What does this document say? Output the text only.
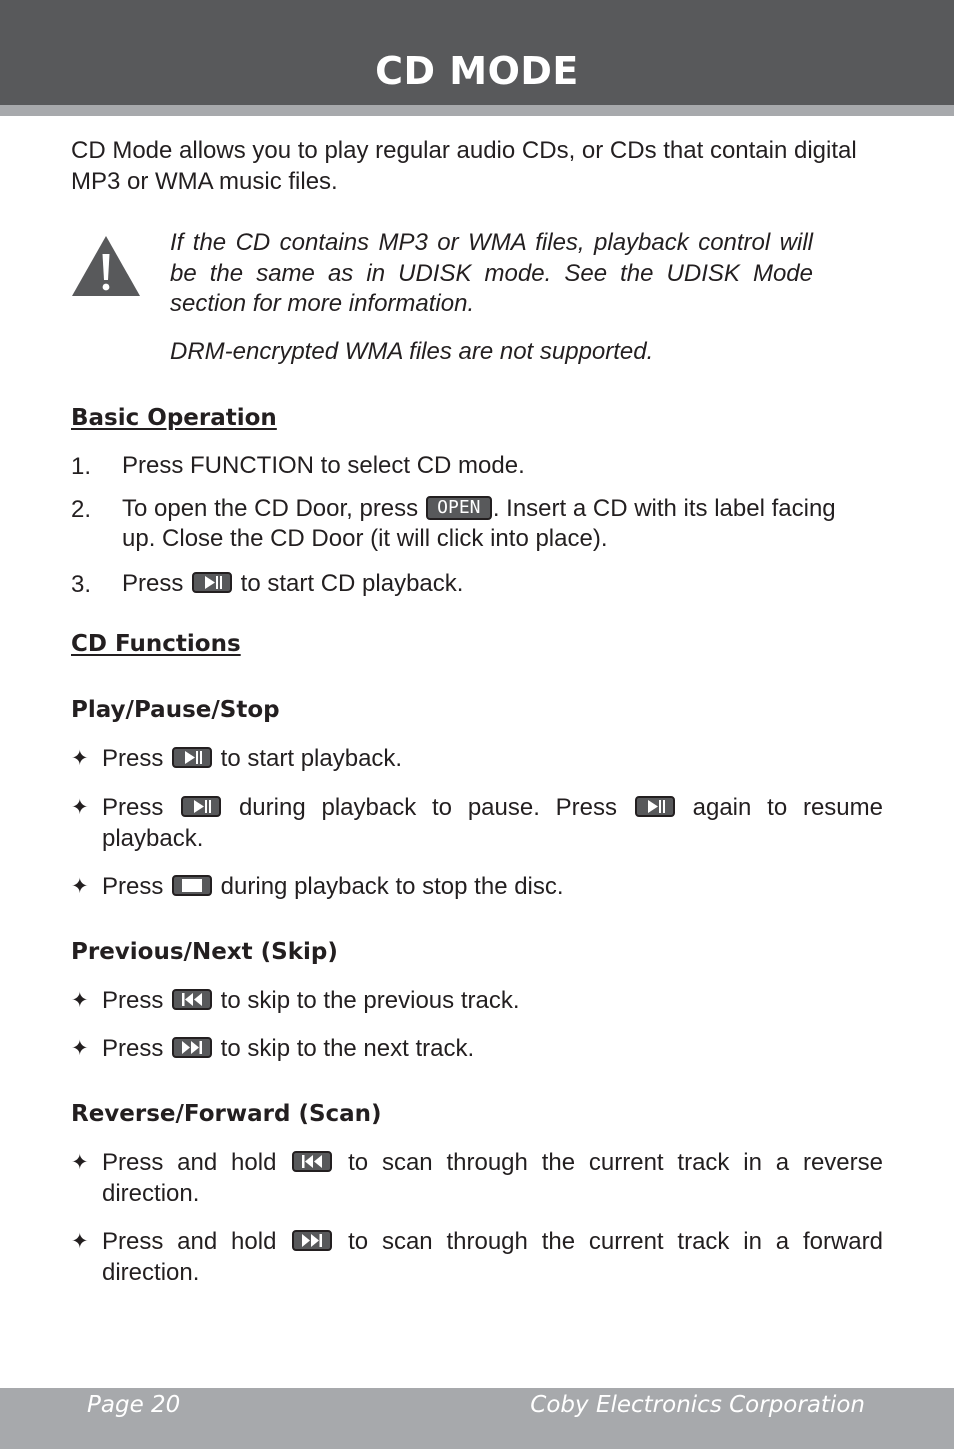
CD MODE
CD Mode allows you to play regular audio CDs, or CDs that contain digital MP3 or WMA music files.
If the CD contains MP3 or WMA files, playback control will be the same as in UDISK mode. See the UDISK Mode section for more information.
DRM-encrypted WMA files are not supported.
Basic Operation
1. Press FUNCTION to select CD mode.
2. To open the CD Door, press OPEN . Insert a CD with its label facing up. Close the CD Door (it will click into place).
3. Press
to start CD playback.
CD Functions
Play/Pause/Stop
✦ Press
to start playback.
✦ Press
during playback to pause. Press
again to resume playback.
✦ Press
during playback to stop the disc.
Previous/Next (Skip)
✦ Press
to skip to the previous track.
✦ Press
to skip to the next track.
Reverse/Forward (Scan)
✦ Press and hold
to scan through the current track in a reverse direction.
✦ Press and hold
to scan through the current track in a forward direction.
Page 20	Coby Electronics Corporation
